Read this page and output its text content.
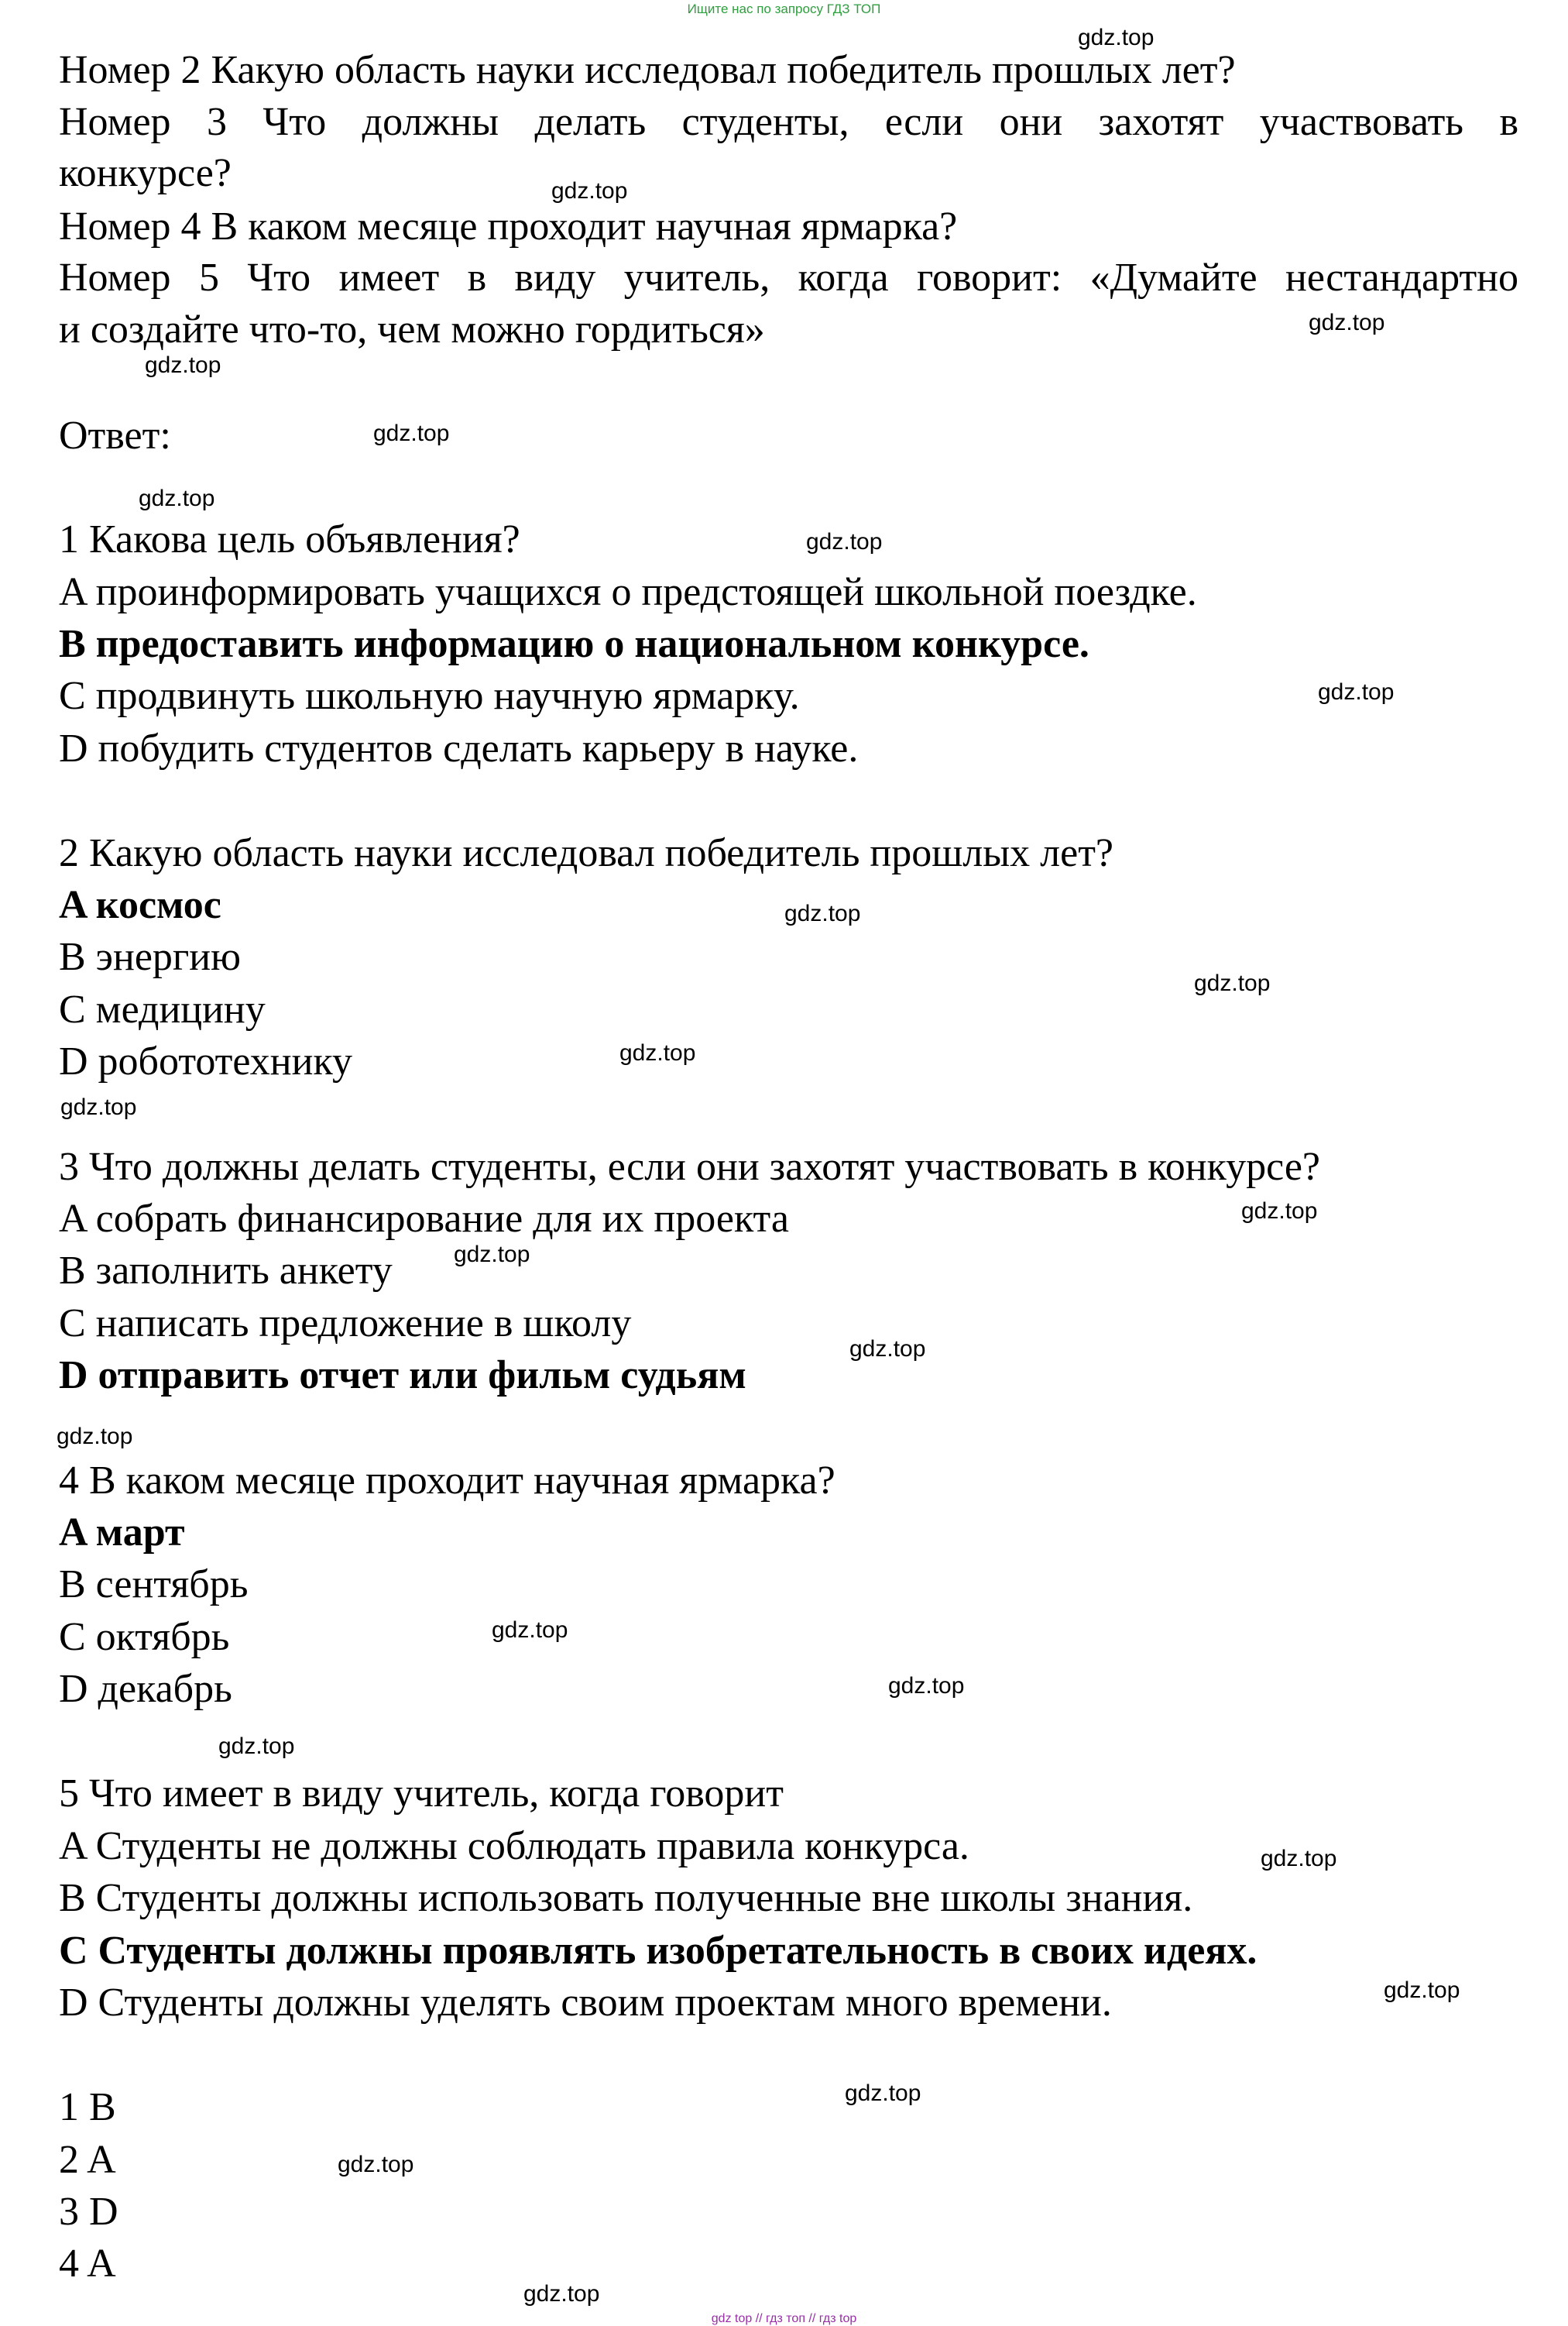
Ищите нас по запросу ГДЗ ТОП
Номер 2 Какую область науки исследовал победитель прошлых лет?
Номер 3 Что должны делать студенты, если они захотят участвовать в
конкурсе?
Номер 4 В каком месяце проходит научная ярмарка?
Номер 5 Что имеет в виду учитель, когда говорит: «Думайте нестандартно
и создайте что-то, чем можно гордиться»
Ответ:
1 Какова цель объявления?
A проинформировать учащихся о предстоящей школьной поездке.
B предоставить информацию о национальном конкурсе.
C продвинуть школьную научную ярмарку.
D побудить студентов сделать карьеру в науке.
2 Какую область науки исследовал победитель прошлых лет?
A космос
B энергию
C медицину
D робототехнику
3 Что должны делать студенты, если они захотят участвовать в конкурсе?
A собрать финансирование для их проекта
B заполнить анкету
C написать предложение в школу
D отправить отчет или фильм судьям
4 В каком месяце проходит научная ярмарка?
A март
B сентябрь
C октябрь
D декабрь
5 Что имеет в виду учитель, когда говорит
A Студенты не должны соблюдать правила конкурса.
B Студенты должны использовать полученные вне школы знания.
C Студенты должны проявлять изобретательность в своих идеях.
D Студенты должны уделять своим проектам много времени.
1 B
2 A
3 D
4 A
gdz.top
gdz.top
gdz.top
gdz.top
gdz.top
gdz.top
gdz.top
gdz.top
gdz.top
gdz.top
gdz.top
gdz.top
gdz.top
gdz.top
gdz.top
gdz.top
gdz.top
gdz.top
gdz.top
gdz.top
gdz.top
gdz.top
gdz.top
gdz.top
gdz top // гдз топ // гдз top
